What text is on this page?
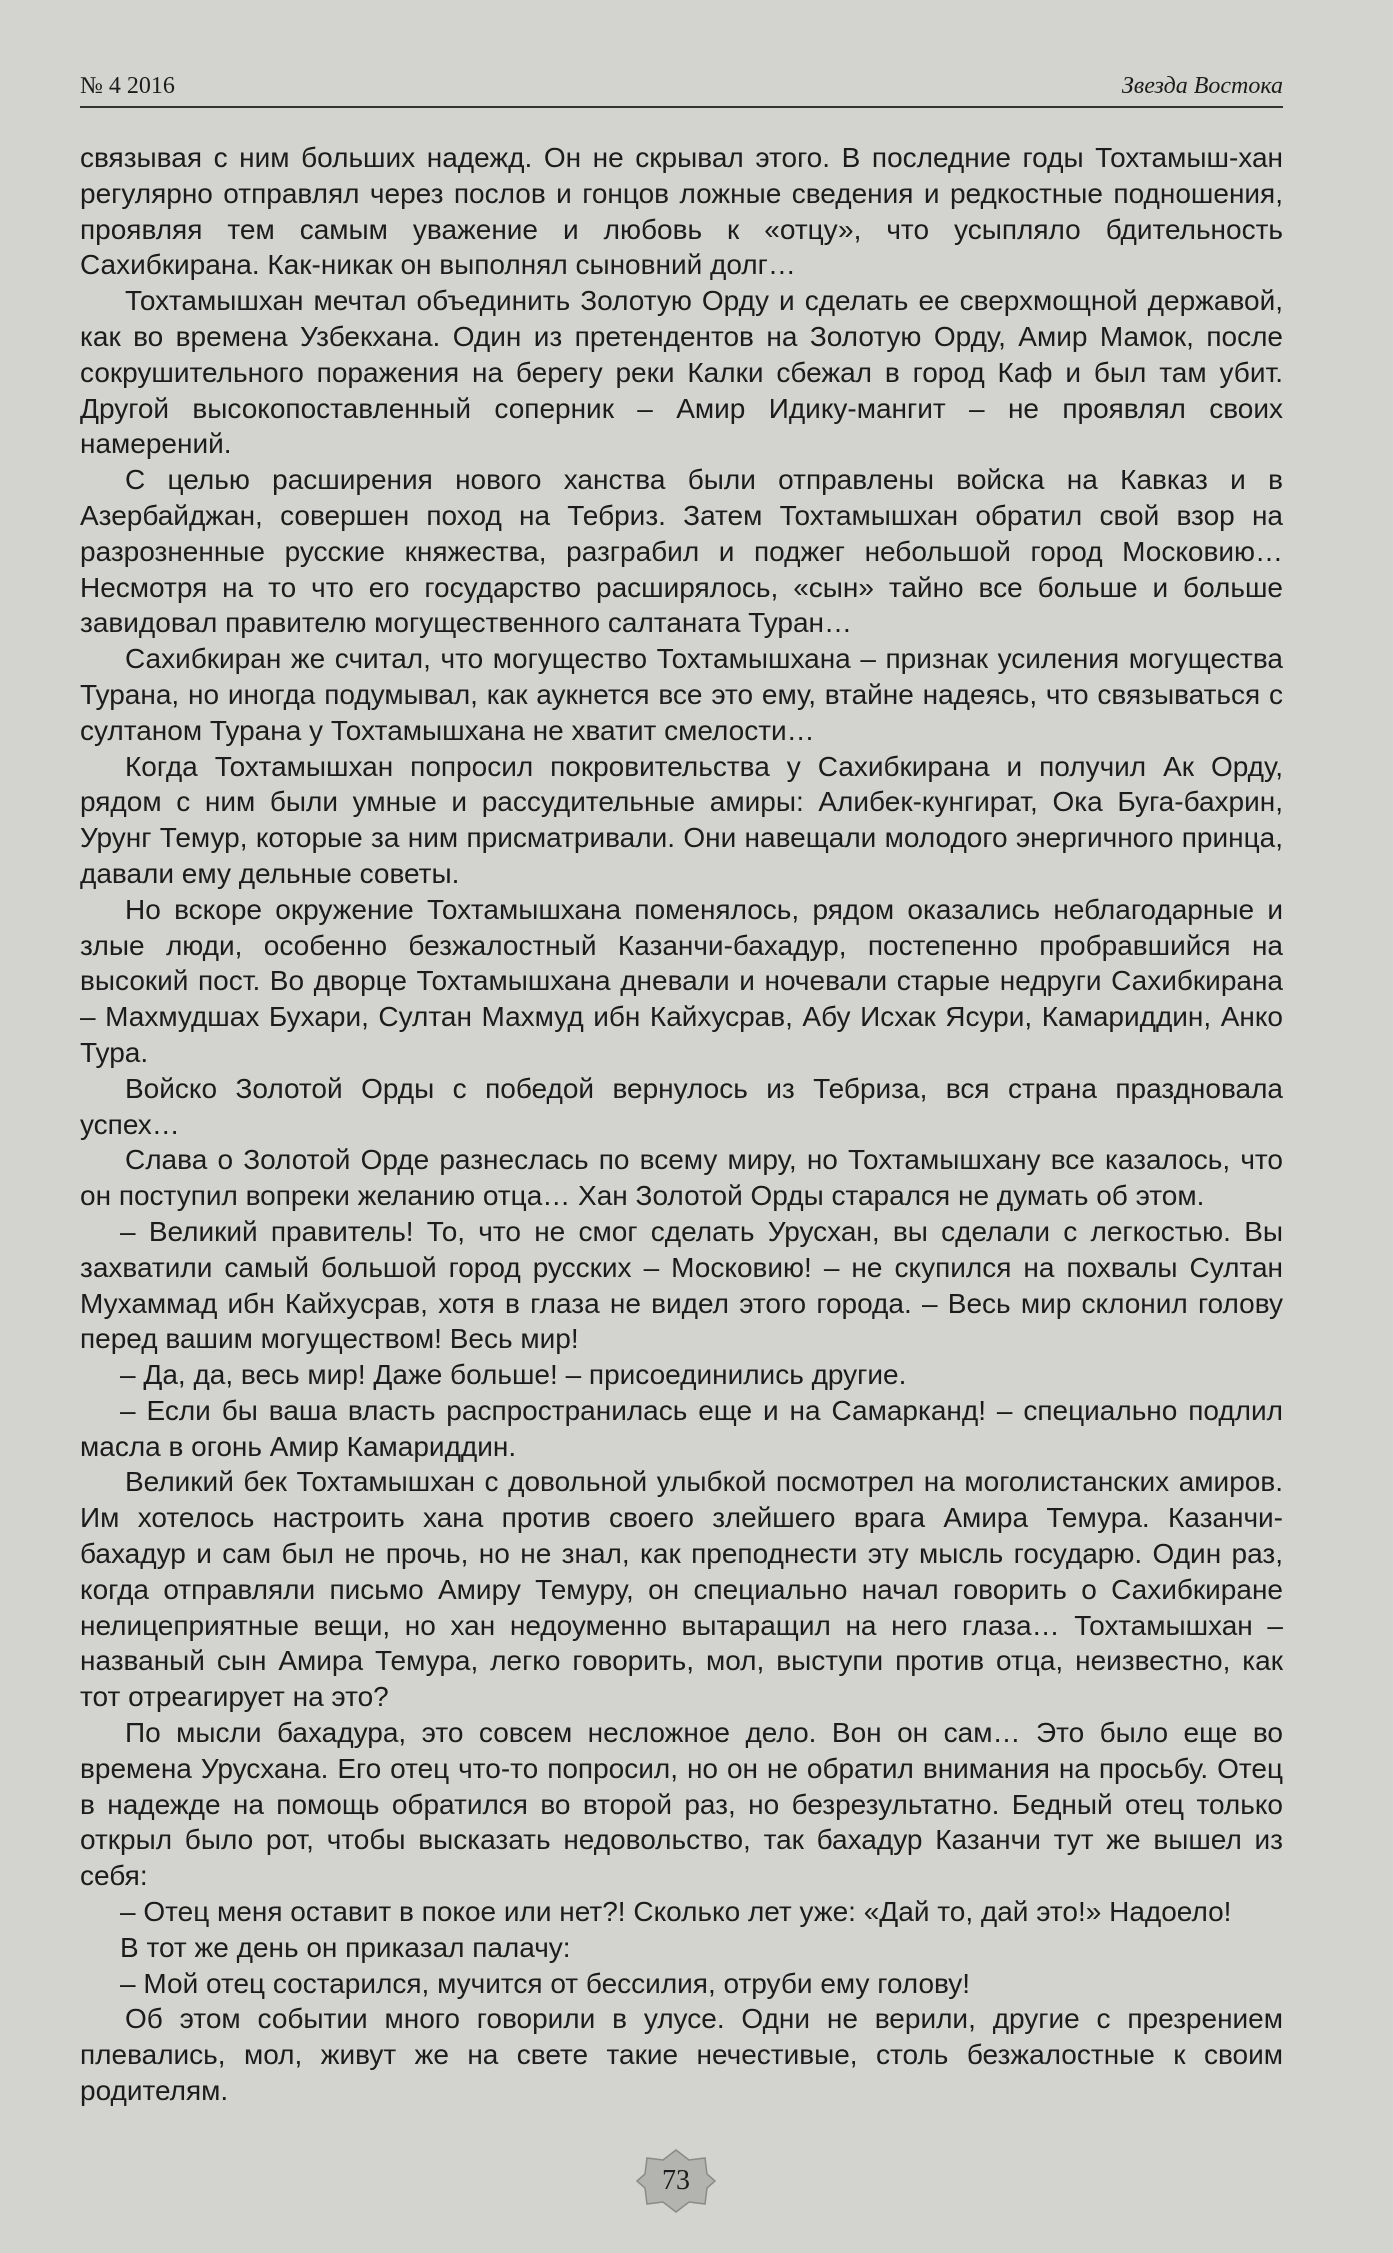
№ 4 2016	Звезда Востока

связывая с ним больших надежд. Он не скрывал этого. В последние годы Тохтамыш-хан регулярно отправлял через послов и гонцов ложные сведения и редкостные подношения, проявляя тем самым уважение и любовь к «отцу», что усыпляло бдительность Сахибкирана. Как-никак он выполнял сыновний долг…

Тохтамышхан мечтал объединить Золотую Орду и сделать ее сверхмощной державой, как во времена Узбекхана. Один из претендентов на Золотую Орду, Амир Мамок, после сокрушительного поражения на берегу реки Калки сбежал в город Каф и был там убит. Другой высокопоставленный соперник – Амир Идику-мангит – не проявлял своих намерений.

С целью расширения нового ханства были отправлены войска на Кавказ и в Азербайджан, совершен поход на Тебриз. Затем Тохтамышхан обратил свой взор на разрозненные русские княжества, разграбил и поджег небольшой город Московию… Несмотря на то что его государство расширялось, «сын» тайно все больше и больше завидовал правителю могущественного салтаната Туран…

Сахибкиран же считал, что могущество Тохтамышхана – признак усиления могущества Турана, но иногда подумывал, как аукнется все это ему, втайне надеясь, что связываться с султаном Турана у Тохтамышхана не хватит смелости…

Когда Тохтамышхан попросил покровительства у Сахибкирана и получил Ак Орду, рядом с ним были умные и рассудительные амиры: Алибек-кунгират, Ока Буга-бахрин, Урунг Темур, которые за ним присматривали. Они навещали молодого энергичного принца, давали ему дельные советы.

Но вскоре окружение Тохтамышхана поменялось, рядом оказались неблагодарные и злые люди, особенно безжалостный Казанчи-бахадур, постепенно пробравшийся на высокий пост. Во дворце Тохтамышхана дневали и ночевали старые недруги Сахибкирана – Махмудшах Бухари, Султан Махмуд ибн Кайхусрав, Абу Исхак Ясури, Камариддин, Анко Тура.

Войско Золотой Орды с победой вернулось из Тебриза, вся страна праздновала успех…

Слава о Золотой Орде разнеслась по всему миру, но Тохтамышхану все казалось, что он поступил вопреки желанию отца… Хан Золотой Орды старался не думать об этом.

– Великий правитель! То, что не смог сделать Урусхан, вы сделали с легкостью. Вы захватили самый большой город русских – Московию! – не скупился на похвалы Султан Мухаммад ибн Кайхусрав, хотя в глаза не видел этого города. – Весь мир склонил голову перед вашим могуществом! Весь мир!

– Да, да, весь мир! Даже больше! – присоединились другие.

– Если бы ваша власть распространилась еще и на Самарканд! – специально подлил масла в огонь Амир Камариддин.

Великий бек Тохтамышхан с довольной улыбкой посмотрел на моголистанских амиров. Им хотелось настроить хана против своего злейшего врага Амира Темура. Казанчи-бахадур и сам был не прочь, но не знал, как преподнести эту мысль государю. Один раз, когда отправляли письмо Амиру Темуру, он специально начал говорить о Сахибкиране нелицеприятные вещи, но хан недоуменно вытаращил на него глаза… Тохтамышхан – названый сын Амира Темура, легко говорить, мол, выступи против отца, неизвестно, как тот отреагирует на это?

По мысли бахадура, это совсем несложное дело. Вон он сам… Это было еще во времена Урусхана. Его отец что-то попросил, но он не обратил внимания на просьбу. Отец в надежде на помощь обратился во второй раз, но безрезультатно. Бедный отец только открыл было рот, чтобы высказать недовольство, так бахадур Казанчи тут же вышел из себя:

– Отец меня оставит в покое или нет?! Сколько лет уже: «Дай то, дай это!» Надоело!

В тот же день он приказал палачу:

– Мой отец состарился, мучится от бессилия, отруби ему голову!

Об этом событии много говорили в улусе. Одни не верили, другие с презрением плевались, мол, живут же на свете такие нечестивые, столь безжалостные к своим родителям.

73
